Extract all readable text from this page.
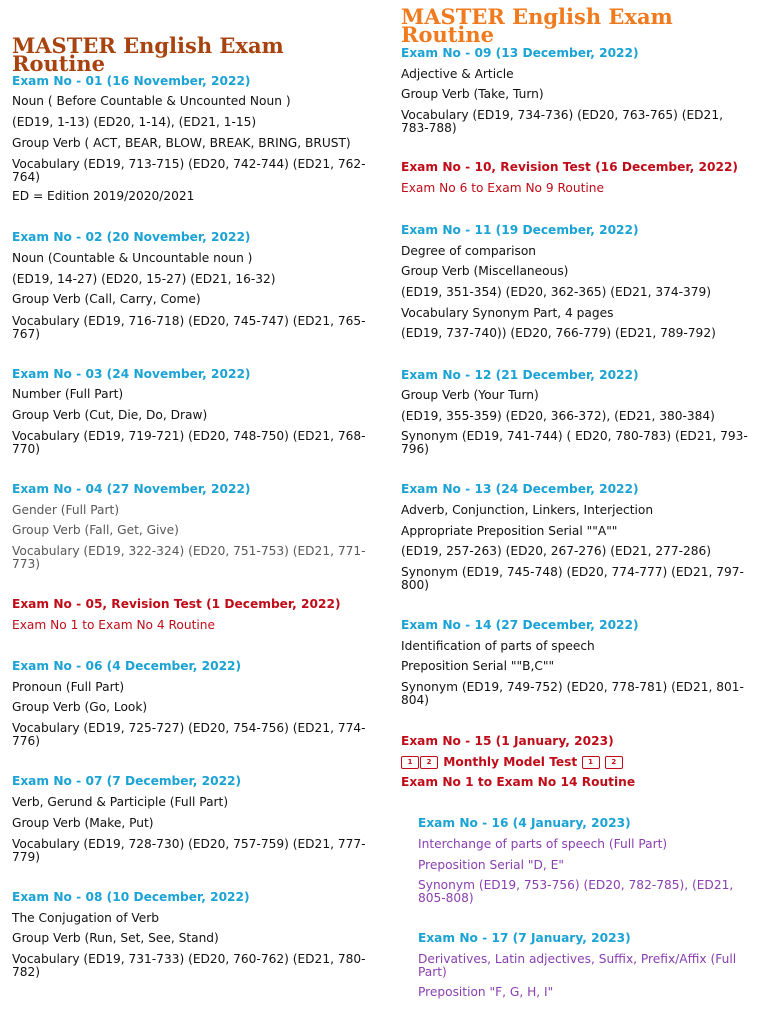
MASTER English Exam
Routine

Exam No - 01 (16 November, 2022)

Noun ( Before Countable & Uncounted Noun )

(ED19, 1-13) (ED20, 1-14), (ED21, 1-15)

Group Verb ( ACT, BEAR, BLOW, BREAK, BRING, BRUST)

Vocabulary (ED19, 713-715) (ED20, 742-744) (ED21, 762-764)

ED = Edition 2019/2020/2021

Exam No - 02 (20 November, 2022)

Noun (Countable & Uncountable noun )

(ED19, 14-27) (ED20, 15-27) (ED21, 16-32)

Group Verb (Call, Carry, Come)

Vocabulary (ED19, 716-718) (ED20, 745-747) (ED21, 765-767)

Exam No - 03 (24 November, 2022)

Number (Full Part)

Group Verb (Cut, Die, Do, Draw)

Vocabulary (ED19, 719-721) (ED20, 748-750) (ED21, 768-770)

Exam No - 04 (27 November, 2022)

Gender (Full Part)

Group Verb (Fall, Get, Give)

Vocabulary (ED19, 322-324) (ED20, 751-753) (ED21, 771-773)

Exam No - 05, Revision Test (1 December, 2022)

Exam No 1 to Exam No 4 Routine

Exam No - 06 (4 December, 2022)

Pronoun (Full Part)

Group Verb (Go, Look)

Vocabulary (ED19, 725-727) (ED20, 754-756) (ED21, 774-776)

Exam No - 07 (7 December, 2022)

Verb, Gerund & Participle (Full Part)

Group Verb (Make, Put)

Vocabulary (ED19, 728-730) (ED20, 757-759) (ED21, 777-779)

Exam No - 08 (10 December, 2022)

The Conjugation of Verb

Group Verb (Run, Set, See, Stand)

Vocabulary (ED19, 731-733) (ED20, 760-762) (ED21, 780-782)

MASTER English Exam
Routine

Exam No - 09 (13 December, 2022)

Adjective & Article

Group Verb (Take, Turn)

Vocabulary (ED19, 734-736) (ED20, 763-765) (ED21, 783-788)

Exam No - 10, Revision Test (16 December, 2022)

Exam No 6 to Exam No 9 Routine

Exam No - 11 (19 December, 2022)

Degree of comparison

Group Verb (Miscellaneous)

(ED19, 351-354) (ED20, 362-365) (ED21, 374-379)

Vocabulary Synonym Part, 4 pages

(ED19, 737-740)) (ED20, 766-779) (ED21, 789-792)

Exam No - 12 (21 December, 2022)

Group Verb (Your Turn)

(ED19, 355-359) (ED20, 366-372), (ED21, 380-384)

Synonym (ED19, 741-744) ( ED20, 780-783) (ED21, 793-796)

Exam No - 13 (24 December, 2022)

Adverb, Conjunction, Linkers, Interjection

Appropriate Preposition Serial ""A""

(ED19, 257-263) (ED20, 267-276) (ED21, 277-286)

Synonym (ED19, 745-748) (ED20, 774-777) (ED21, 797-800)

Exam No - 14 (27 December, 2022)

Identification of parts of speech

Preposition Serial ""B,C""

Synonym (ED19, 749-752) (ED20, 778-781) (ED21, 801-804)

Exam No - 15 (1 January, 2023)

1 2 Monthly Model Test 1	2

Exam No 1 to Exam No 14 Routine

Exam No - 16 (4 January, 2023)

Interchange of parts of speech (Full Part)

Preposition Serial "D, E"

Synonym (ED19, 753-756) (ED20, 782-785), (ED21, 805-808)

Exam No - 17 (7 January, 2023)

Derivatives, Latin adjectives, Suffix, Prefix/Affix (Full Part)

Preposition "F, G, H, I"
